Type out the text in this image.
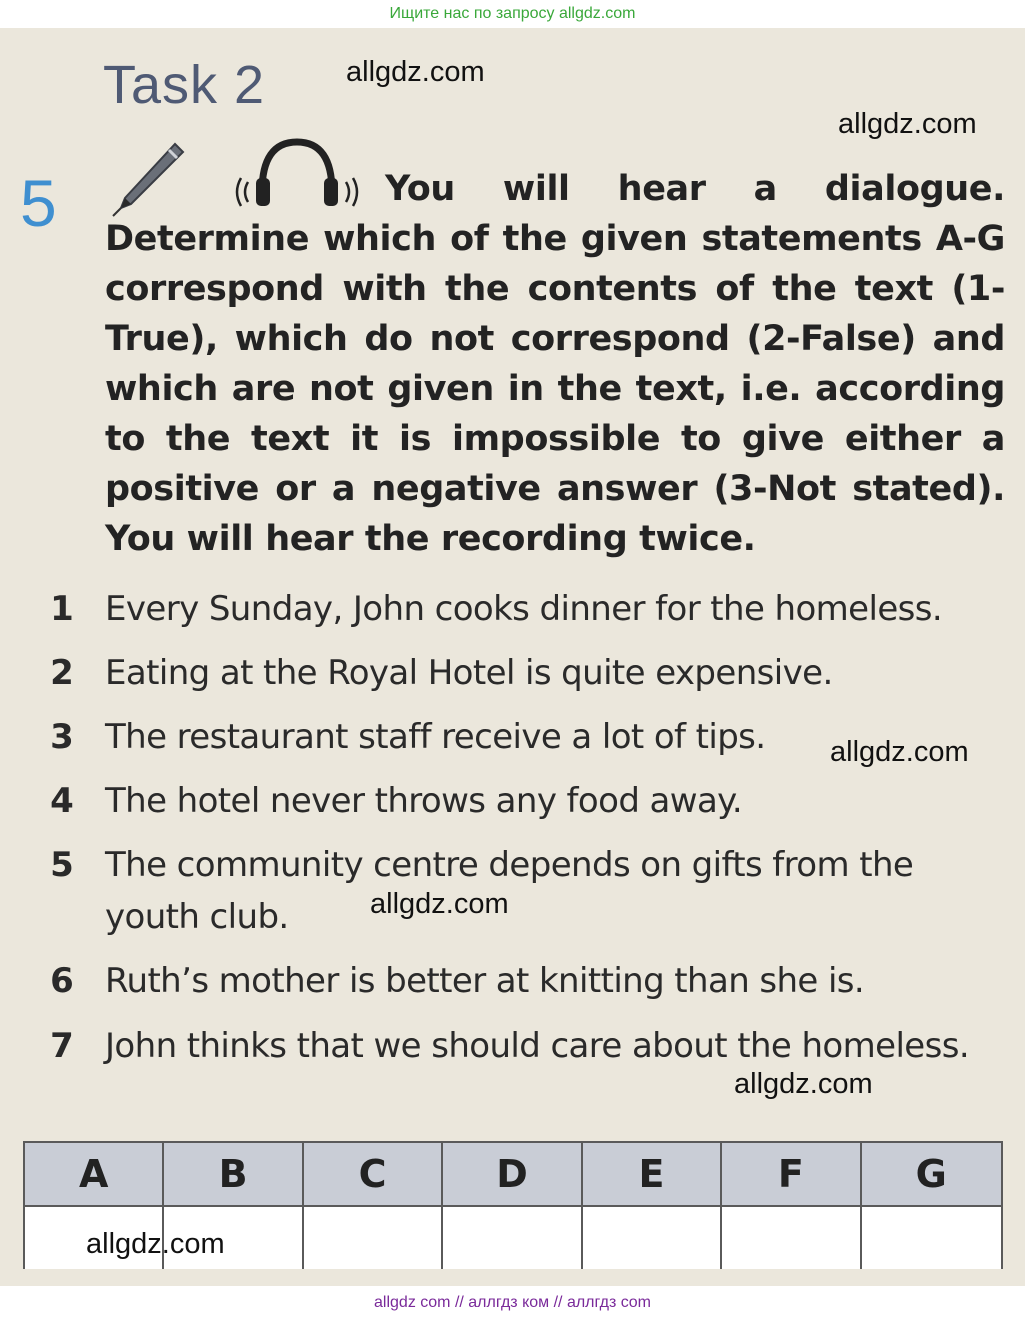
Ищите нас по запросу allgdz.com
Task 2
5	You will hear a dialogue. Determine which of the given statements A-G correspond with the contents of the text (1-True), which do not correspond (2-False) and which are not given in the text, i.e. according to the text it is impossible to give either a positive or a negative answer (3-Not stated). You will hear the recording twice.
1 Every Sunday, John cooks dinner for the homeless.
2 Eating at the Royal Hotel is quite expensive.
3 The restaurant staff receive a lot of tips.
4 The hotel never throws any food away.
5 The community centre depends on gifts from the youth club.
6 Ruth’s mother is better at knitting than she is.
7 John thinks that we should care about the homeless.
A	B	C	D	E	F	G
allgdz.com
allgdz.com
allgdz.com
allgdz.com
allgdz.com
allgdz.com
allgdz com // аллгдз ком // аллгдз com
